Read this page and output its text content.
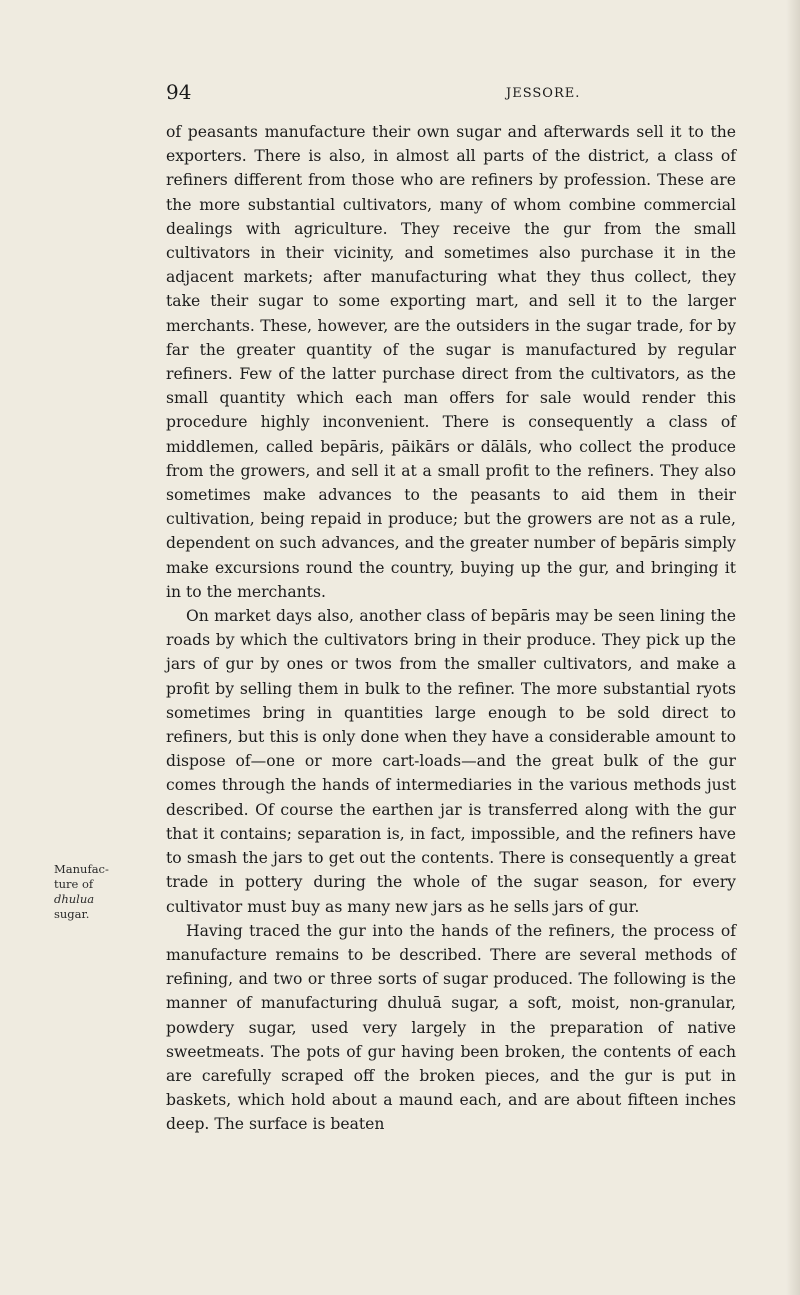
94	JESSORE.
Manufac-
ture of
dhulua
sugar.

of peasants manufacture their own sugar and afterwards sell it to the exporters. There is also, in almost all parts of the district, a class of refiners different from those who are refiners by profession. These are the more substantial cultivators, many of whom combine commercial dealings with agriculture. They receive the gur from the small cultivators in their vicinity, and sometimes also purchase it in the adjacent markets; after manufacturing what they thus collect, they take their sugar to some exporting mart, and sell it to the larger merchants. These, however, are the outsiders in the sugar trade, for by far the greater quantity of the sugar is manufactured by regular refiners. Few of the latter purchase direct from the cultivators, as the small quantity which each man offers for sale would render this procedure highly inconvenient. There is consequently a class of middlemen, called bepāris, pāikārs or dālāls, who collect the produce from the growers, and sell it at a small profit to the refiners. They also sometimes make advances to the peasants to aid them in their cultivation, being repaid in produce; but the growers are not as a rule, dependent on such advances, and the greater number of bepāris simply make excursions round the country, buying up the gur, and bringing it in to the merchants.

On market days also, another class of bepāris may be seen lining the roads by which the cultivators bring in their produce. They pick up the jars of gur by ones or twos from the smaller cultivators, and make a profit by selling them in bulk to the refiner. The more substantial ryots sometimes bring in quantities large enough to be sold direct to refiners, but this is only done when they have a considerable amount to dispose of—one or more cart-loads—and the great bulk of the gur comes through the hands of intermediaries in the various methods just described. Of course the earthen jar is transferred along with the gur that it contains; separation is, in fact, impossible, and the refiners have to smash the jars to get out the contents. There is consequently a great trade in pottery during the whole of the sugar season, for every cultivator must buy as many new jars as he sells jars of gur.

Having traced the gur into the hands of the refiners, the process of manufacture remains to be described. There are several methods of refining, and two or three sorts of sugar produced. The following is the manner of manufacturing dhuluā sugar, a soft, moist, non-granular, powdery sugar, used very largely in the preparation of native sweetmeats. The pots of gur having been broken, the contents of each are carefully scraped off the broken pieces, and the gur is put in baskets, which hold about a maund each, and are about fifteen inches deep. The surface is beaten
